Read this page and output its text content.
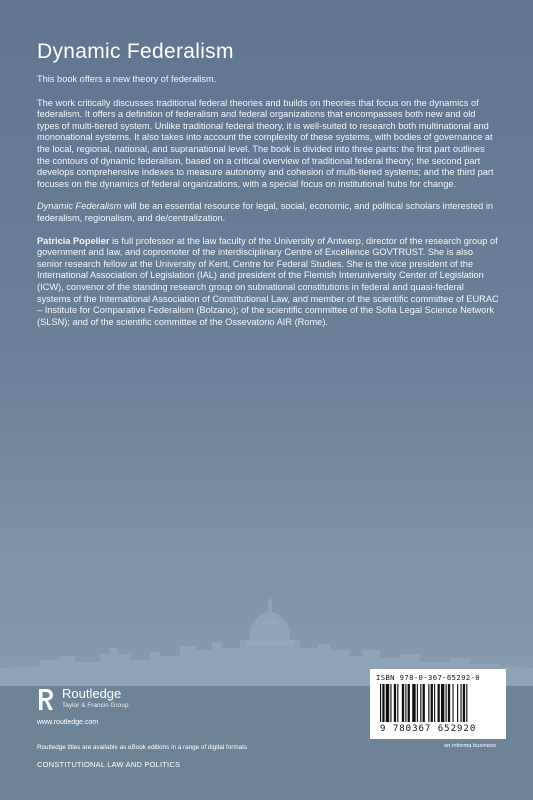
Dynamic Federalism

This book offers a new theory of federalism.

The work critically discusses traditional federal theories and builds on theories that focus on the dynamics of federalism. It offers a definition of federalism and federal organizations that encompasses both new and old types of multi-tiered system. Unlike traditional federal theory, it is well-suited to research both multinational and mononational systems. It also takes into account the complexity of these systems, with bodies of governance at the local, regional, national, and supranational level. The book is divided into three parts: the first part outlines the contours of dynamic federalism, based on a critical overview of traditional federal theory; the second part develops comprehensive indexes to measure autonomy and cohesion of multi-tiered systems; and the third part focuses on the dynamics of federal organizations, with a special focus on institutional hubs for change.

Dynamic Federalism will be an essential resource for legal, social, economic, and political scholars interested in federalism, regionalism, and de/centralization.

Patricia Popelier is full professor at the law faculty of the University of Antwerp, director of the research group of government and law, and copromoter of the interdisciplinary Centre of Excellence GOVTRUST. She is also senior research fellow at the University of Kent, Centre for Federal Studies. She is the vice president of the International Association of Legislation (IAL) and president of the Flemish Interuniversity Center of Legislation (ICW), convenor of the standing research group on subnational constitutions in federal and quasi-federal systems of the International Association of Constitutional Law, and member of the scientific committee of EURAC – Institute for Comparative Federalism (Bolzano); of the scientific committee of the Sofia Legal Science Network (SLSN); and of the scientific committee of the Ossevatorio AIR (Rome).

Routledge
Taylor & Francis Group
www.routledge.com
Routledge titles are available as eBook editions in a range of digital formats
CONSTITUTIONAL LAW AND POLITICS
ISBN 978-0-367-65292-0
9 780367 652920
an informa business
